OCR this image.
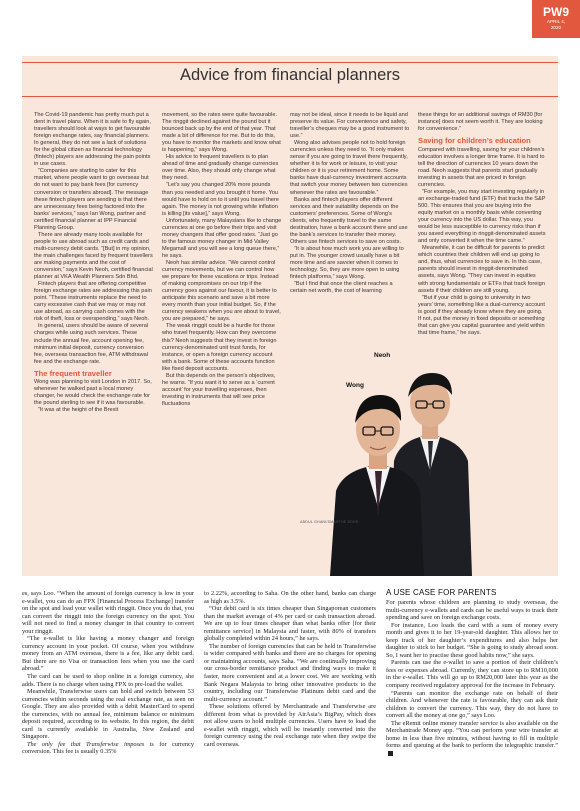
PW9
APRIL 4,
2020
Advice from financial planners

The Covid-19 pandemic has pretty much put a dent in travel plans. When it is safe to fly again, travellers should look at ways to get favourable foreign exchange rates, say financial planners. In general, they do not see a lack of solutions for the global citizen as financial technology (fintech) players are addressing the pain points in use cases.

“Companies are starting to cater for this market, where people want to go overseas but do not want to pay bank fees [for currency conversion or transfers abroad]. The message these fintech players are sending is that there are unnecessary fees being factored into the banks’ services,” says Ian Wong, partner and certified financial planner at IPP Financial Planning Group.

There are already many tools available for people to use abroad such as credit cards and multi-currency debit cards. “[But] in my opinion, the main challenges faced by frequent travellers are making payments and the cost of conversion,” says Kevin Neoh, certified financial planner at VKA Wealth Planners Sdn Bhd.

Fintech players that are offering competitive foreign exchange rates are addressing this pain point. “These instruments replace the need to carry excessive cash that we may or may not use abroad, as carrying cash comes with the risk of theft, loss or overspending,” says Neoh.

In general, users should be aware of several charges while using such services. These include the annual fee, account opening fee, minimum initial deposit, currency conversion fee, overseas transaction fee, ATM withdrawal fee and the exchange rate.

The frequent traveller

Wong was planning to visit London in 2017. So, whenever he walked past a local money changer, he would check the exchange rate for the pound sterling to see if it was favourable.

“It was at the height of the Brexit

movement, so the rates were quite favourable. The ringgit declined against the pound but it bounced back up by the end of that year. That made a bit of difference for me. But to do this, you have to monitor the markets and know what is happening,” says Wong.

His advice to frequent travellers is to plan ahead of time and gradually change currencies over time. Also, they should only change what they need.

“Let’s say you changed 20% more pounds than you needed and you brought it home. You would have to hold on to it until you travel there again. The money is not growing while inflation is killing [its value],” says Wong.

Unfortunately, many Malaysians like to change currencies at one go before their trips and visit money changers that offer good rates. “Just go to the famous money changer in Mid Valley Megamall and you will see a long queue there,” he says.

Neoh has similar advice. “We cannot control currency movements, but we can control how we prepare for these vacations or trips. Instead of making compromises on our trip if the currency goes against our favour, it is better to anticipate this scenario and save a bit more every month than your initial budget. So, if the currency weakens when you are about to travel, you are prepared,” he says.

The weak ringgit could be a hurdle for those who travel frequently. How can they overcome this? Neoh suggests that they invest in foreign currency-denominated unit trust funds, for instance, or open a foreign currency account with a bank. Some of these accounts function like fixed deposit accounts.

But this depends on the person’s objectives, he warns. “If you want it to serve as a ‘current account’ for your travelling expenses, then investing in instruments that will see price fluctuations

may not be ideal, since it needs to be liquid and preserve its value. For convenience and safety, traveller’s cheques may be a good instrument to use.”

Wong also advises people not to hold foreign currencies unless they need to. “It only makes sense if you are going to travel there frequently, whether it is for work or leisure, to visit your children or it is your retirement home. Some banks have dual-currency investment accounts that switch your money between two currencies whenever the rates are favourable.”

Banks and fintech players offer different services and their suitability depends on the customers’ preferences. Some of Wong’s clients, who frequently travel to the same destination, have a bank account there and use the bank’s services to transfer their money. Others use fintech services to save on costs.

“It is about how much work you are willing to put in. The younger crowd usually have a bit more time and are savvier when it comes to technology. So, they are more open to using fintech platforms,” says Wong.

“But I find that once the client reaches a certain net worth, the cost of learning

these things for an additional savings of RM30 [for instance] does not seem worth it. They are looking for convenience.”

Saving for children’s education

Compared with travelling, saving for your children’s education involves a longer time frame. It is hard to tell the direction of currencies 10 years down the road. Neoh suggests that parents start gradually investing in assets that are priced in foreign currencies.

“For example, you may start investing regularly in an exchange-traded fund (ETF) that tracks the S&P 500. This ensures that you are buying into the equity market on a monthly basis while converting your currency into the US dollar. This way, you would be less susceptible to currency risks than if you saved everything in ringgit-denominated assets and only converted it when the time came.”

Meanwhile, it can be difficult for parents to predict which countries their children will end up going to and, thus, what currencies to save in. In this case, parents should invest in ringgit-denominated assets, says Wong. “They can invest in equities with strong fundamentals or ETFs that track foreign assets if their children are still young.

“But if your child is going to university in two years’ time, something like a dual-currency account is good if they already know where they are going. If not, put the money in fixed deposits or something that can give you capital guarantee and yield within that time frame,” he says.

Neoh
Wong
ABDUL GHANI/SMASTHE EDGE

es, says Loo. “When the amount of foreign currency is low in your e-wallet, you can do an FPX [Financial Process Exchange] transfer on the spot and load your wallet with ringgit. Once you do that, you can convert the ringgit into the foreign currency on the spot. You will not need to find a money changer in that country to convert your ringgit.

“The e-wallet is like having a money changer and foreign currency account in your pocket. Of course, when you withdraw money from an ATM overseas, there is a fee, like any debit card. But there are no Visa or transaction fees when you use the card abroad.”

The card can be used to shop online in a foreign currency, she adds. There is no charge when using FPX to pre-load the wallet.

Meanwhile, Transferwise users can hold and switch between 53 currencies within seconds using the real exchange rate, as seen on Google. They are also provided with a debit MasterCard to spend the currencies, with no annual fee, minimum balance or minimum deposit required, according to its website. In this region, the debit card is currently available in Australia, New Zealand and Singapore.

The only fee that Transferwise imposes is for currency conversion. This fee is usually 0.35%

to 2.22%, according to Saha. On the other hand, banks can charge as high as 3.5%.

“Our debit card is six times cheaper than Singaporean customers than the market average of 4% per card or cash transaction abroad. We are up to four times cheaper than what banks offer [for their remittance service] in Malaysia and faster, with 80% of transfers globally completed within 24 hours,” he says.

The number of foreign currencies that can be held in Transferwise is wider compared with banks and there are no charges for opening or maintaining accounts, says Saha. “We are continually improving our cross-border remittance product and finding ways to make it faster, more convenient and at a lower cost. We are working with Bank Negara Malaysia to bring other innovative products to the country, including our Transferwise Platinum debit card and the multi-currency account.”

These solutions offered by Merchantrade and Transferwise are different from what is provided by AirAsia’s BigPay, which does not allow users to hold multiple currencies. Users have to load the e-wallet with ringgit, which will be instantly converted into the foreign currency using the real exchange rate when they swipe the card overseas.

A USE CASE FOR PARENTS

For parents whose children are planning to study overseas, the multi-currency e-wallets and cards can be useful ways to track their spending and save on foreign exchange costs.

For instance, Loo loads the card with a sum of money every month and gives it to her 19-year-old daughter. This allows her to keep track of her daughter’s expenditures and also helps her daughter to stick to her budget. “She is going to study abroad soon. So, I want her to practise these good habits now,” she says.

Parents can use the e-wallet to save a portion of their children’s fees or expenses abroad. Currently, they can store up to RM10,000 in the e-wallet. This will go up to RM20,000 later this year as the company received regulatory approval for the increase in February.

“Parents can monitor the exchange rate on behalf of their children. And whenever the rate is favourable, they can ask their children to convert the currency. This way, they do not have to convert all the money at one go,” says Loo.

The eRemit online money transfer service is also available on the Merchantrade Money app. “You can perform your wire transfer at home in less than five minutes, without having to fill in multiple forms and queuing at the bank to perform the telegraphic transfer.”
